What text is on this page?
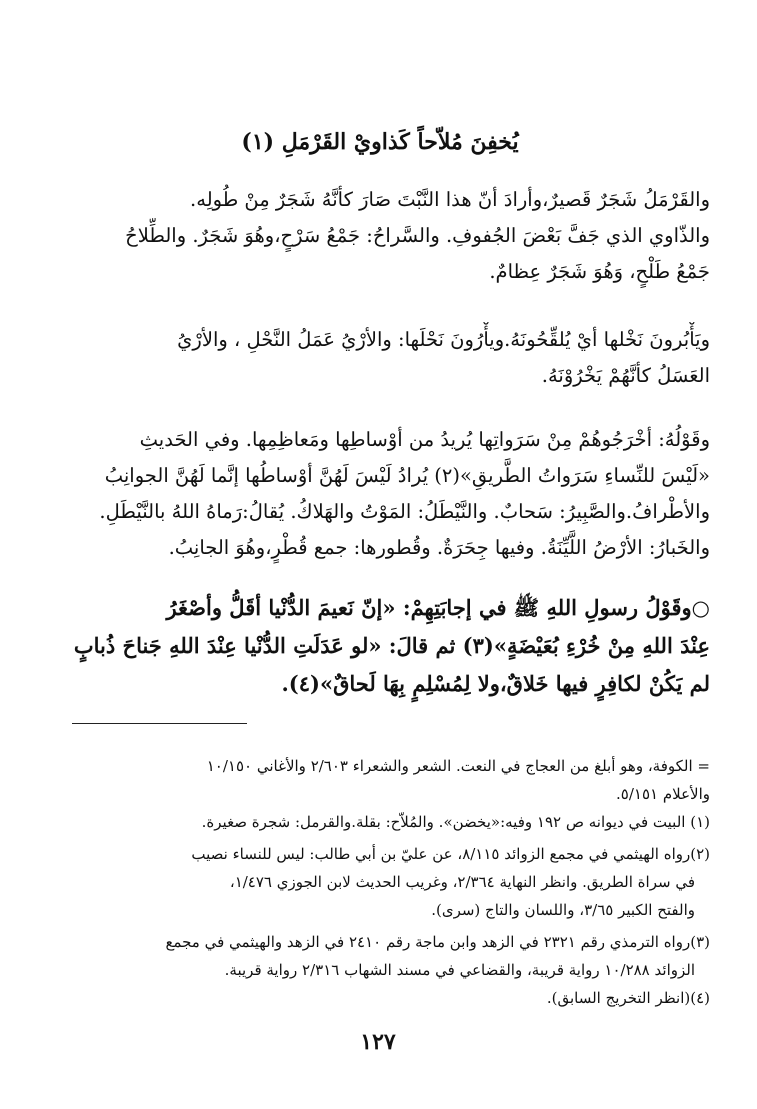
يُخفِنَ مُلاّحاً كَذاويْ القَرْمَلِ (١)
والقَرْمَلُ شَجَرٌ قَصيرٌ،وأرادَ أنّ هذا النَّبْتَ صَارَ كأنَّهُ شَجَرٌ مِنْ طُولِه.
والذّاوي الذي جَفَّ بَعْضَ الجُفوفِ. والسَّراحُ: جَمْعُ سَرْحٍ،وهُوَ شَجَرٌ. والطِّلاحُ
جَمْعُ طَلْحٍ، وَهُوَ شَجَرٌ عِظامٌ.
ويَأْبُرونَ نَخْلها أيْ يُلقِّحُونَهُ.ويأْرُونَ نَحْلَها: والأرْيُ عَمَلُ النَّحْلِ ، والأرْيُ
العَسَلُ كأنَّهُمْ يَخْرُوْنَهُ.
وقَوْلُهُ: أخْرَجُوهُمْ مِنْ سَرَواتِها يُريدُ من أوْساطِها ومَعاظِمِها. وفي الحَديثِ
«لَيْسَ للنِّساءِ سَرَواتُ الطَّريقِ»(٢) يُرادُ لَيْسَ لَهُنَّ أوْساطُها إنَّما لَهُنَّ الجوانِبُ
والأطْرافُ.والصَّبِيرُ: سَحابٌ. والنَّيْطَلُ: المَوْتُ والهَلاكُ. يُقالُ:رَماهُ اللهُ بالنَّيْطَلِ.
والخَبارُ: الأرْضُ اللَّيِّنَةُ. وفيها جِحَرَةٌ. وقُطورها: جمع قُطْرٍ،وهُوَ الجانِبُ.
○وقَوْلُ رسولِ اللهِ ﷺ في إجابَتِهِمْ: «إنّ نَعيمَ الدُّنْيا أقَلُّ وأصْغَرُ
عِنْدَ اللهِ مِنْ خُرْءِ بُعَيْضَةٍ»(٣) ثم قالَ: «لو عَدَلَتِ الدُّنْيا عِنْدَ اللهِ جَناحَ ذُبابٍ
لم يَكُنْ لكافِرٍ فيها خَلاقٌ،ولا لِمُسْلِمٍ بِهَا لَحاقٌ»(٤).
= الكوفة، وهو أبلغ من العجاج في النعت. الشعر والشعراء ٢/٦٠٣ والأغاني ١٠/١٥٠
والأعلام ٥/١٥١.
(١) البيت في ديوانه ص ١٩٢ وفيه:«يخضن». والمُلاّح: بقلة.والقرمل: شجرة صغيرة.
(٢)رواه الهيثمي في مجمع الزوائد ٨/١١٥، عن عليّ بن أبي طالب: ليس للنساء نصيب
في سراة الطريق. وانظر النهاية ٢/٣٦٤، وغريب الحديث لابن الجوزي ١/٤٧٦،
والفتح الكبير ٣/٦٥، واللسان والتاج (سرى).
(٣)رواه الترمذي رقم ٢٣٢١ في الزهد وابن ماجة رقم ٢٤١٠ في الزهد والهيثمي في مجمع
الزوائد ١٠/٢٨٨ رواية قريبة، والقضاعي في مسند الشهاب ٢/٣١٦ رواية قريبة.
(٤)(انظر التخريج السابق).
١٢٧
